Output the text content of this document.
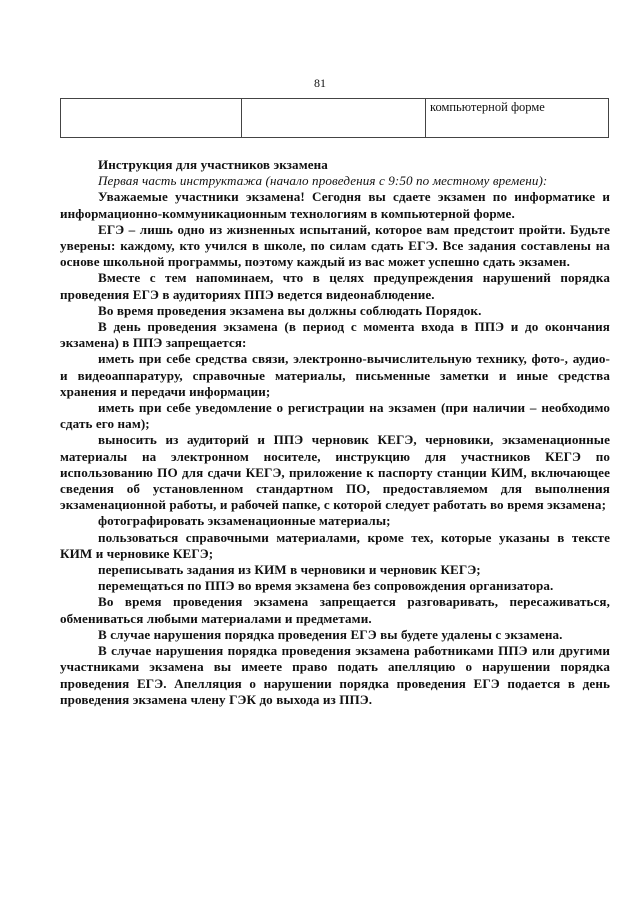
81
		компьютерной форме

Инструкция для участников экзамена

Первая часть инструктажа (начало проведения с 9:50 по местному времени):

Уважаемые участники экзамена! Сегодня вы сдаете экзамен по информатике и информационно-коммуникационным технологиям в компьютерной форме.

ЕГЭ – лишь одно из жизненных испытаний, которое вам предстоит пройти. Будьте уверены: каждому, кто учился в школе, по силам сдать ЕГЭ. Все задания составлены на основе школьной программы, поэтому каждый из вас может успешно сдать экзамен.

Вместе с тем напоминаем, что в целях предупреждения нарушений порядка проведения ЕГЭ в аудиториях ППЭ ведется видеонаблюдение.

Во время проведения экзамена вы должны соблюдать Порядок.

В день проведения экзамена (в период с момента входа в ППЭ и до окончания экзамена) в ППЭ запрещается:

иметь при себе средства связи, электронно-вычислительную технику, фото-, аудио- и видеоаппаратуру, справочные материалы, письменные заметки и иные средства хранения и передачи информации;

иметь при себе уведомление о регистрации на экзамен (при наличии – необходимо сдать его нам);

выносить из аудиторий и ППЭ черновик КЕГЭ, черновики, экзаменационные материалы на электронном носителе, инструкцию для участников КЕГЭ по использованию ПО для сдачи КЕГЭ, приложение к паспорту станции КИМ, включающее сведения об установленном стандартном ПО, предоставляемом для выполнения экзаменационной работы, и рабочей папке, с которой следует работать во время экзамена;

фотографировать экзаменационные материалы;

пользоваться справочными материалами, кроме тех, которые указаны в тексте КИМ и черновике КЕГЭ;

переписывать задания из КИМ в черновики и черновик КЕГЭ;

перемещаться по ППЭ во время экзамена без сопровождения организатора.

Во время проведения экзамена запрещается разговаривать, пересаживаться, обмениваться любыми материалами и предметами.

В случае нарушения порядка проведения ЕГЭ вы будете удалены с экзамена.

В случае нарушения порядка проведения экзамена работниками ППЭ или другими участниками экзамена вы имеете право подать апелляцию о нарушении порядка проведения ЕГЭ. Апелляция о нарушении порядка проведения ЕГЭ подается в день проведения экзамена члену ГЭК до выхода из ППЭ.
